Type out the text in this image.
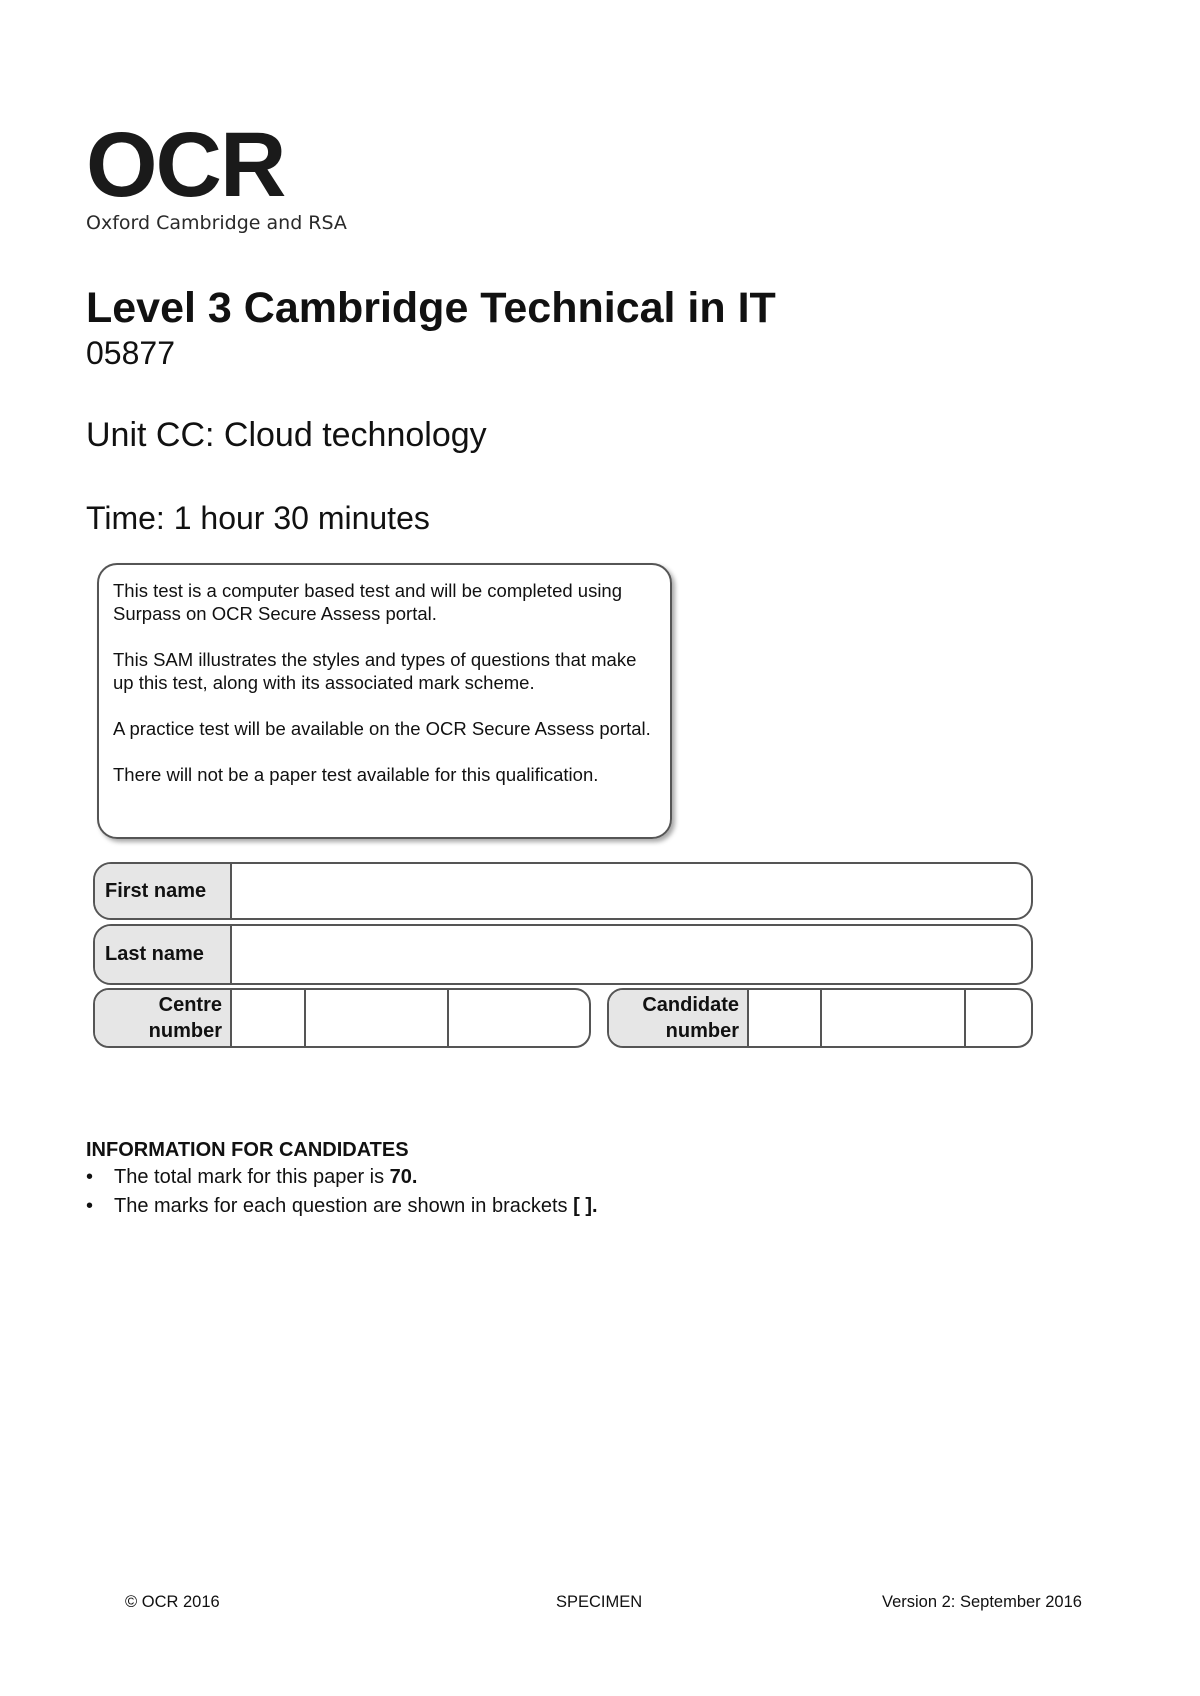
OCR
Oxford Cambridge and RSA
Level 3 Cambridge Technical in IT
05877
Unit CC: Cloud technology
Time: 1 hour 30 minutes

This test is a computer based test and will be completed using Surpass on OCR Secure Assess portal.

This SAM illustrates the styles and types of questions that make up this test, along with its associated mark scheme.

A practice test will be available on the OCR Secure Assess portal.

There will not be a paper test available for this qualification.

First name
Last name
Centre
number
Candidate
number
INFORMATION FOR CANDIDATES
• The total mark for this paper is 70.
• The marks for each question are shown in brackets [ ].
© OCR 2016	SPECIMEN	Version 2: September 2016
